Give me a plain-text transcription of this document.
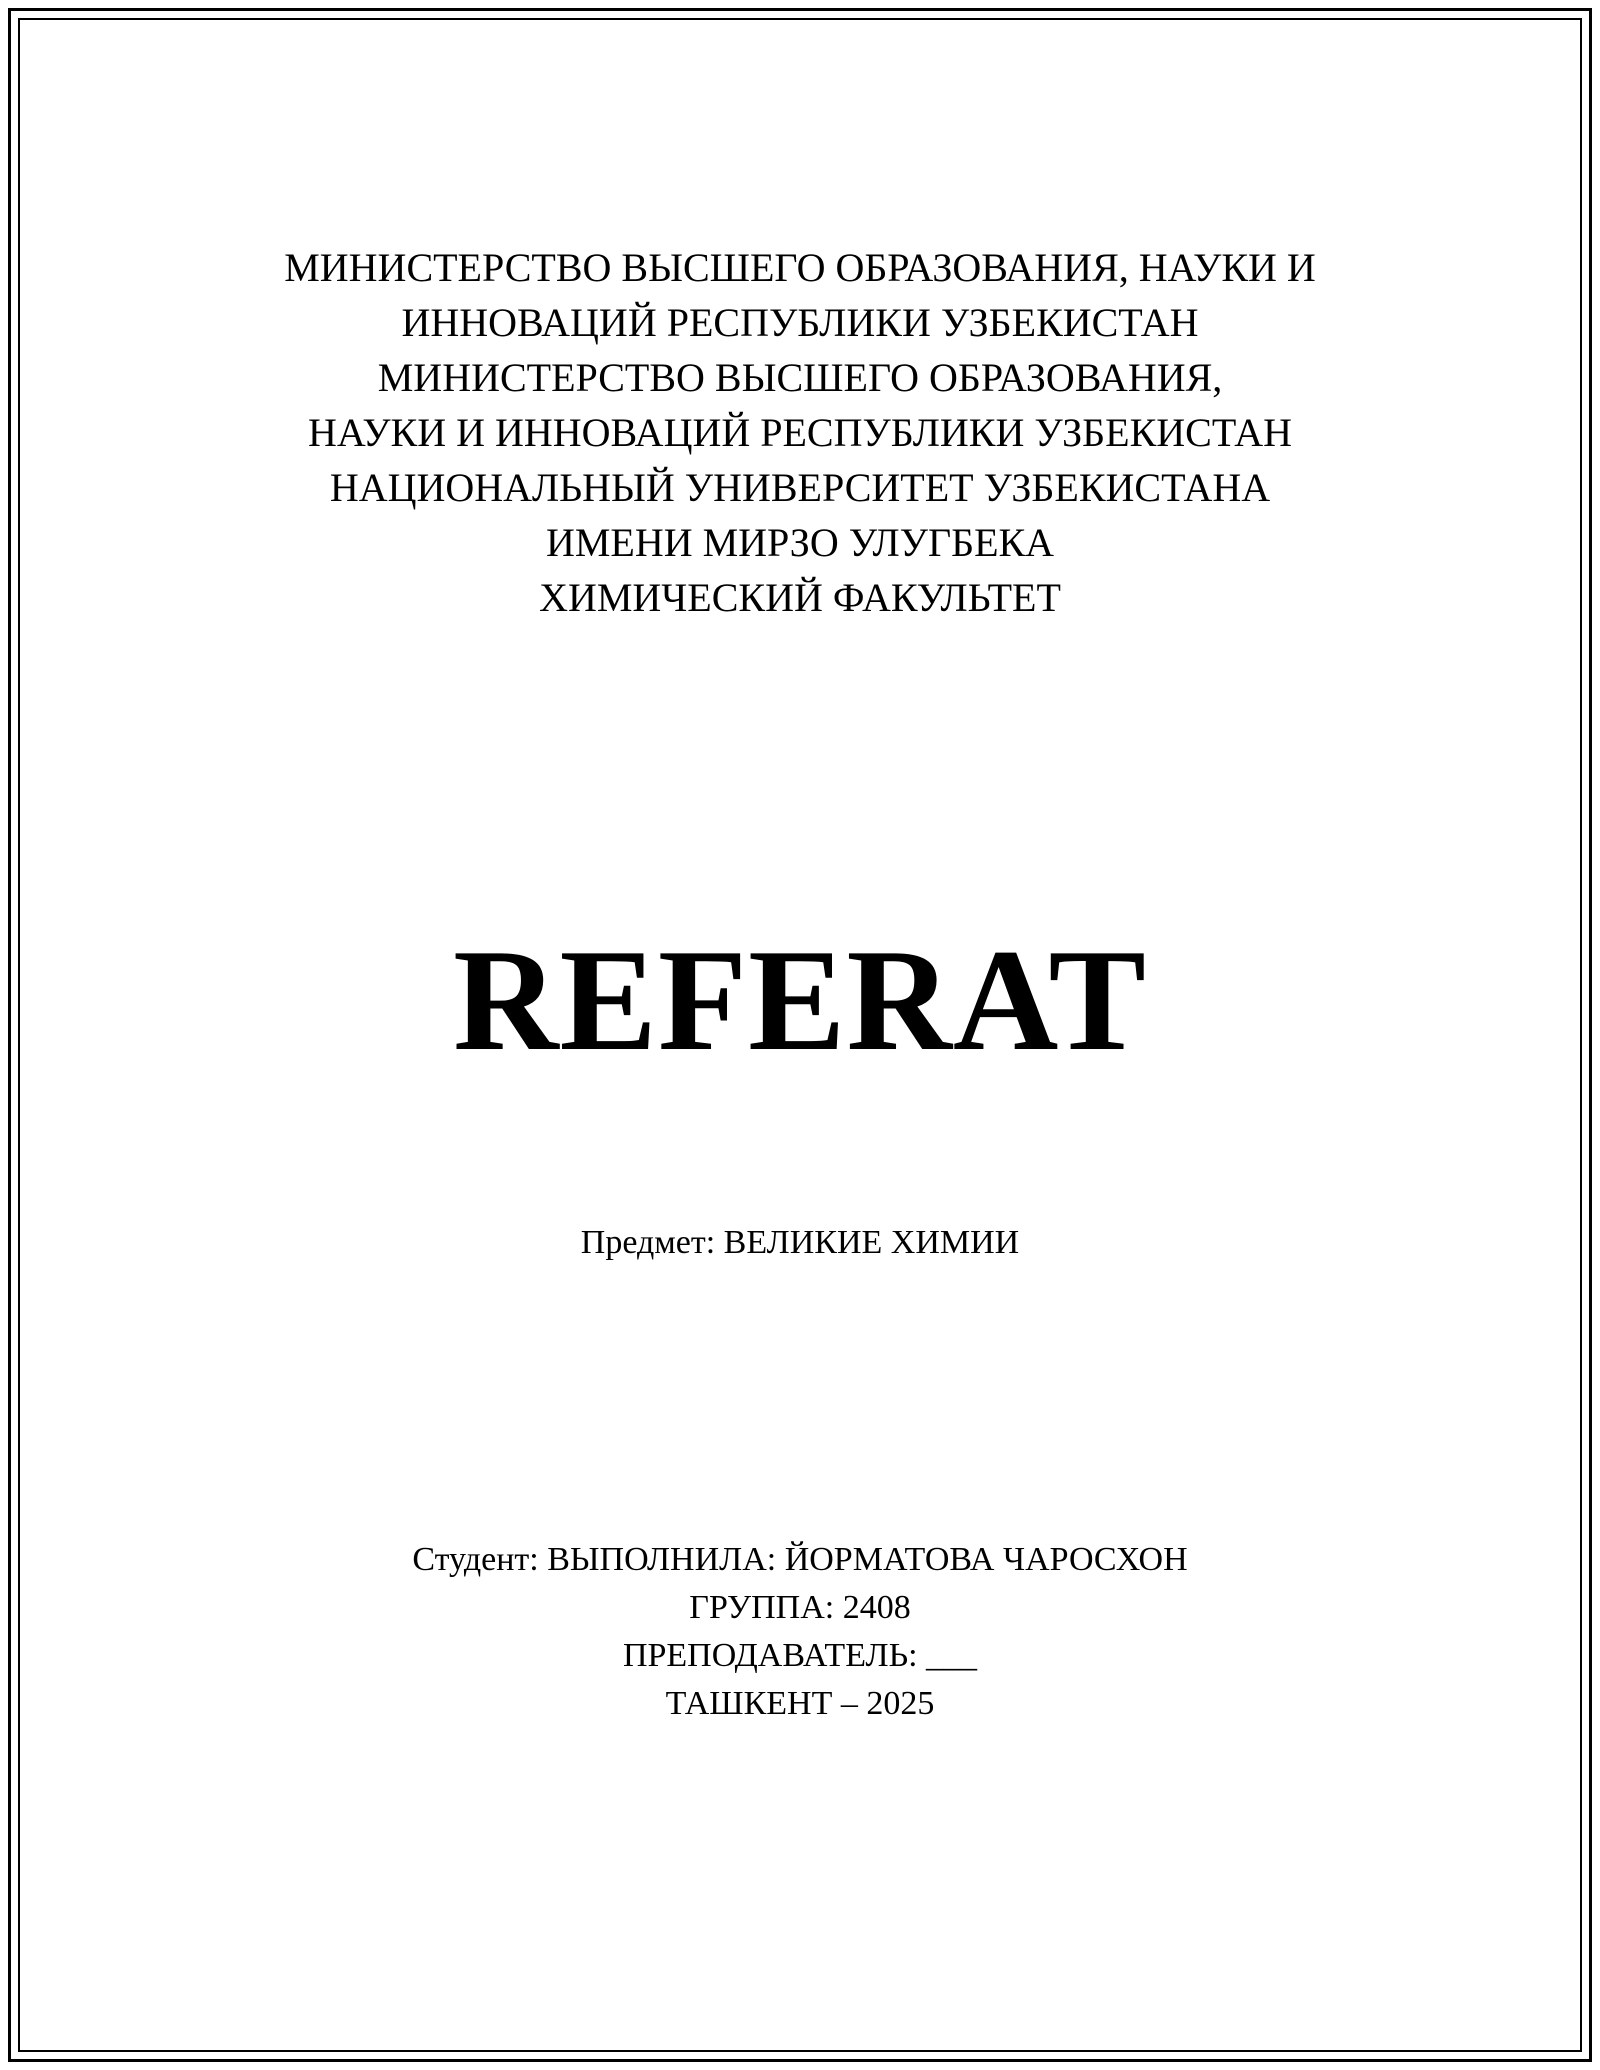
МИНИСТЕРСТВО ВЫСШЕГО ОБРАЗОВАНИЯ, НАУКИ И
ИННОВАЦИЙ РЕСПУБЛИКИ УЗБЕКИСТАН
МИНИСТЕРСТВО ВЫСШЕГО ОБРАЗОВАНИЯ,
НАУКИ И ИННОВАЦИЙ РЕСПУБЛИКИ УЗБЕКИСТАН
НАЦИОНАЛЬНЫЙ УНИВЕРСИТЕТ УЗБЕКИСТАНА
ИМЕНИ МИРЗО УЛУГБЕКА
ХИМИЧЕСКИЙ ФАКУЛЬТЕТ
REFERAT
Предмет: ВЕЛИКИЕ ХИМИИ
Студент: ВЫПОЛНИЛА: ЙОРМАТОВА ЧАРОСХОН
ГРУППА: 2408
ПРЕПОДАВАТЕЛЬ: ___
ТАШКЕНТ – 2025
